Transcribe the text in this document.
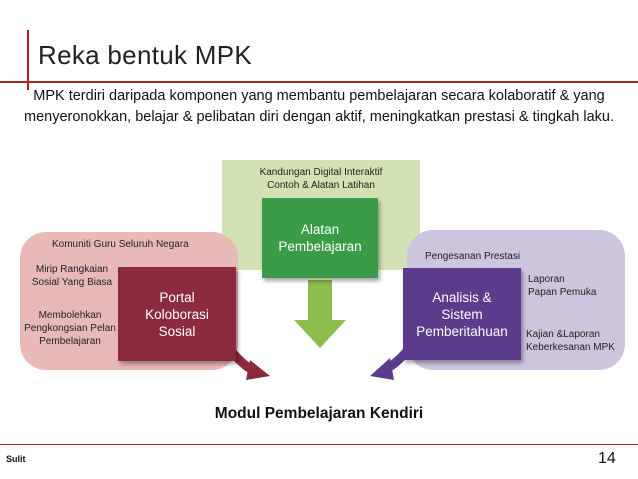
Reka bentuk MPK
MPK terdiri daripada komponen yang membantu pembelajaran secara kolaboratif & yang menyeronokkan, belajar & pelibatan diri dengan aktif, meningkatkan prestasi & tingkah laku.
Kandungan Digital Interaktif
Contoh & Alatan Latihan
Komuniti Guru Seluruh Negara
Mirip Rangkaian
Sosial Yang Biasa
Membolehkan
Pengkongsian Pelan
Pembelajaran
Pengesanan Prestasi
Laporan
Papan Pemuka
Kajian &Laporan
Keberkesanan MPK
Alatan
Pembelajaran
Portal
Koloborasi
Sosial
Analisis &
Sistem
Pemberitahuan
Modul Pembelajaran Kendiri
Sulit	14
